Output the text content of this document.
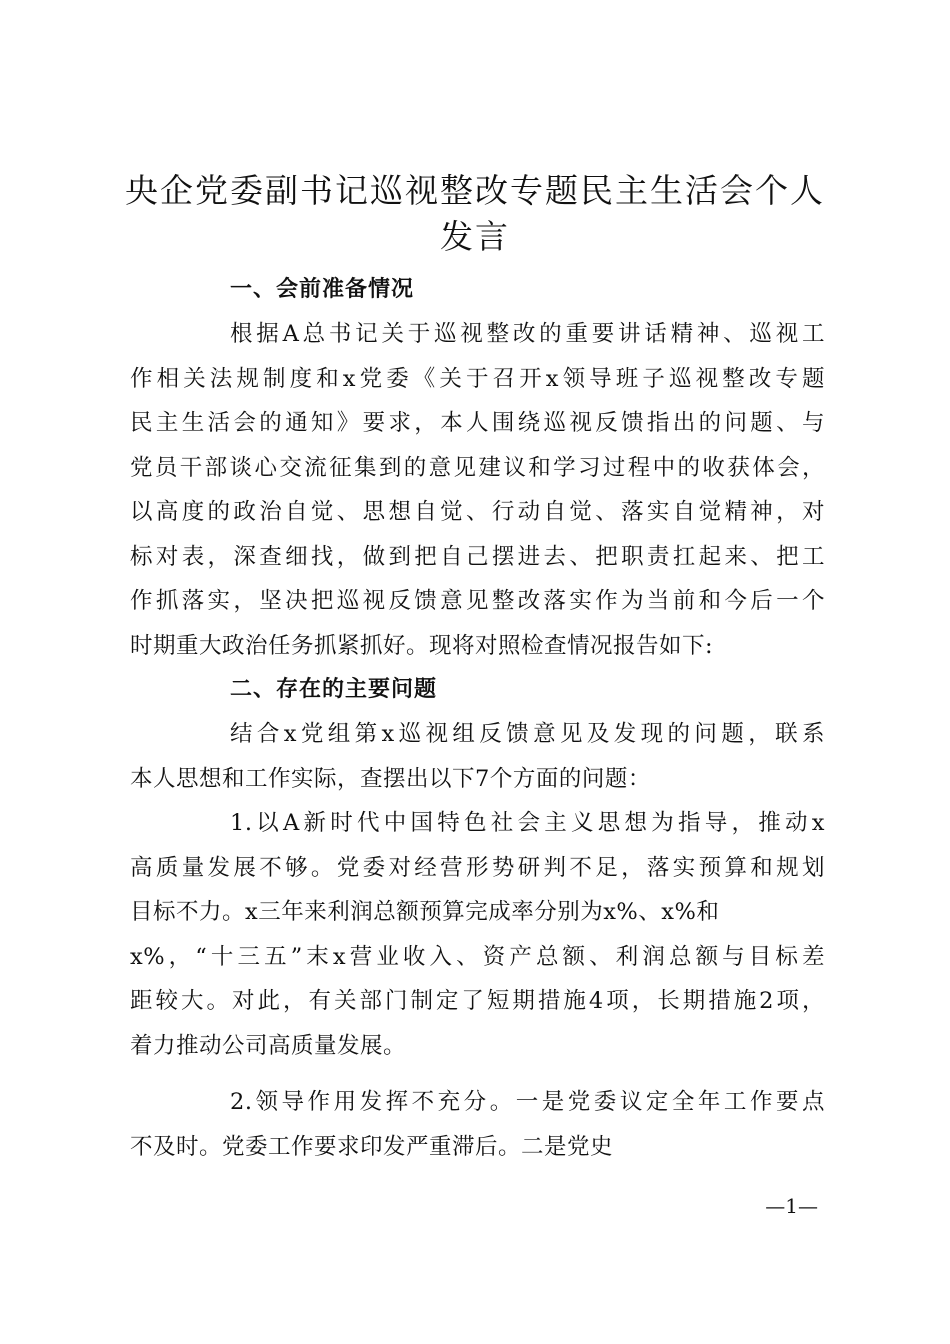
央企党委副书记巡视整改专题民主生活会个人
发言
一、会前准备情况
根据A总书记关于巡视整改的重要讲话精神、巡视工
作相关法规制度和x党委《关于召开x领导班子巡视整改专题
民主生活会的通知》要求，本人围绕巡视反馈指出的问题、与
党员干部谈心交流征集到的意见建议和学习过程中的收获体会，
以高度的政治自觉、思想自觉、行动自觉、落实自觉精神，对
标对表，深查细找，做到把自己摆进去、把职责扛起来、把工
作抓落实，坚决把巡视反馈意见整改落实作为当前和今后一个
时期重大政治任务抓紧抓好。现将对照检查情况报告如下:
二、存在的主要问题
结合x党组第x巡视组反馈意见及发现的问题，联系
本人思想和工作实际，查摆出以下7个方面的问题：
1.以A新时代中国特色社会主义思想为指导，推动x
高质量发展不够。党委对经营形势研判不足，落实预算和规划
目标不力。x三年来利润总额预算完成率分别为x%、x%和
x%，“十三五”末x营业收入、资产总额、利润总额与目标差
距较大。对此，有关部门制定了短期措施4项，长期措施2项，
着力推动公司高质量发展。
2.领导作用发挥不充分。一是党委议定全年工作要点
不及时。党委工作要求印发严重滞后。二是党史
—1—
